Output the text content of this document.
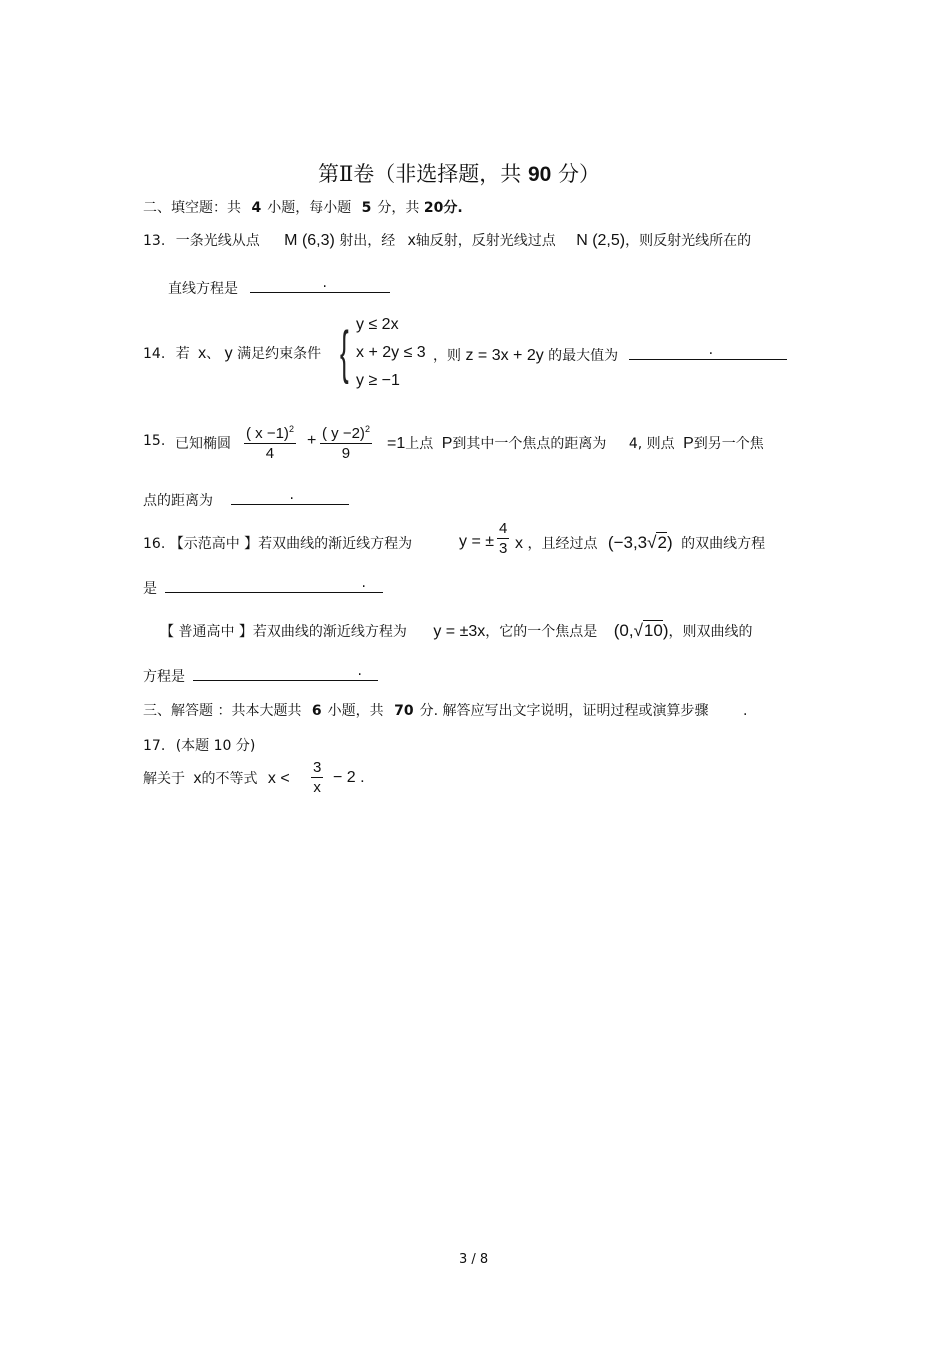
第Ⅱ卷（非选择题，共 90 分）
二、填空题：共 4 小题，每小题 5 分，共 20分.
13. 一条光线从点 M (6,3) 射出，经 x轴反射，反射光线过点 N (2,5)，则反射光线所在的
直线方程是	.
14. 若 x、 y 满足约束条件 { y ≤ 2x
x + 2y ≤ 3
y ≥ −1
，则 z = 3x + 2y 的最大值为	.
15. 已知椭圆 $\frac{( x -1)^2}{4} + \frac{( y -2)^2}{9} =1$上点 P到其中一个焦点的距离为 4, 则点 P到另一个焦
点的距离为	.
16. 【示范高中 】若双曲线的渐近线方程为	y = ± $\frac{4}{3}$ x ，且经过点 (−3,3√2) 的双曲线方程
是	.
【 普通高中 】若双曲线的渐近线方程为 y = ±3x，它的一个焦点是 (0,√10)，则双曲线的
方程是	.
三、解答题 ：共本大题共 6 小题，共 70 分. 解答应写出文字说明，证明过程或演算步骤 .
17. (本题 10 分)
解关于 x的不等式 $x < \frac{3}{x} - 2$ .
3 / 8
